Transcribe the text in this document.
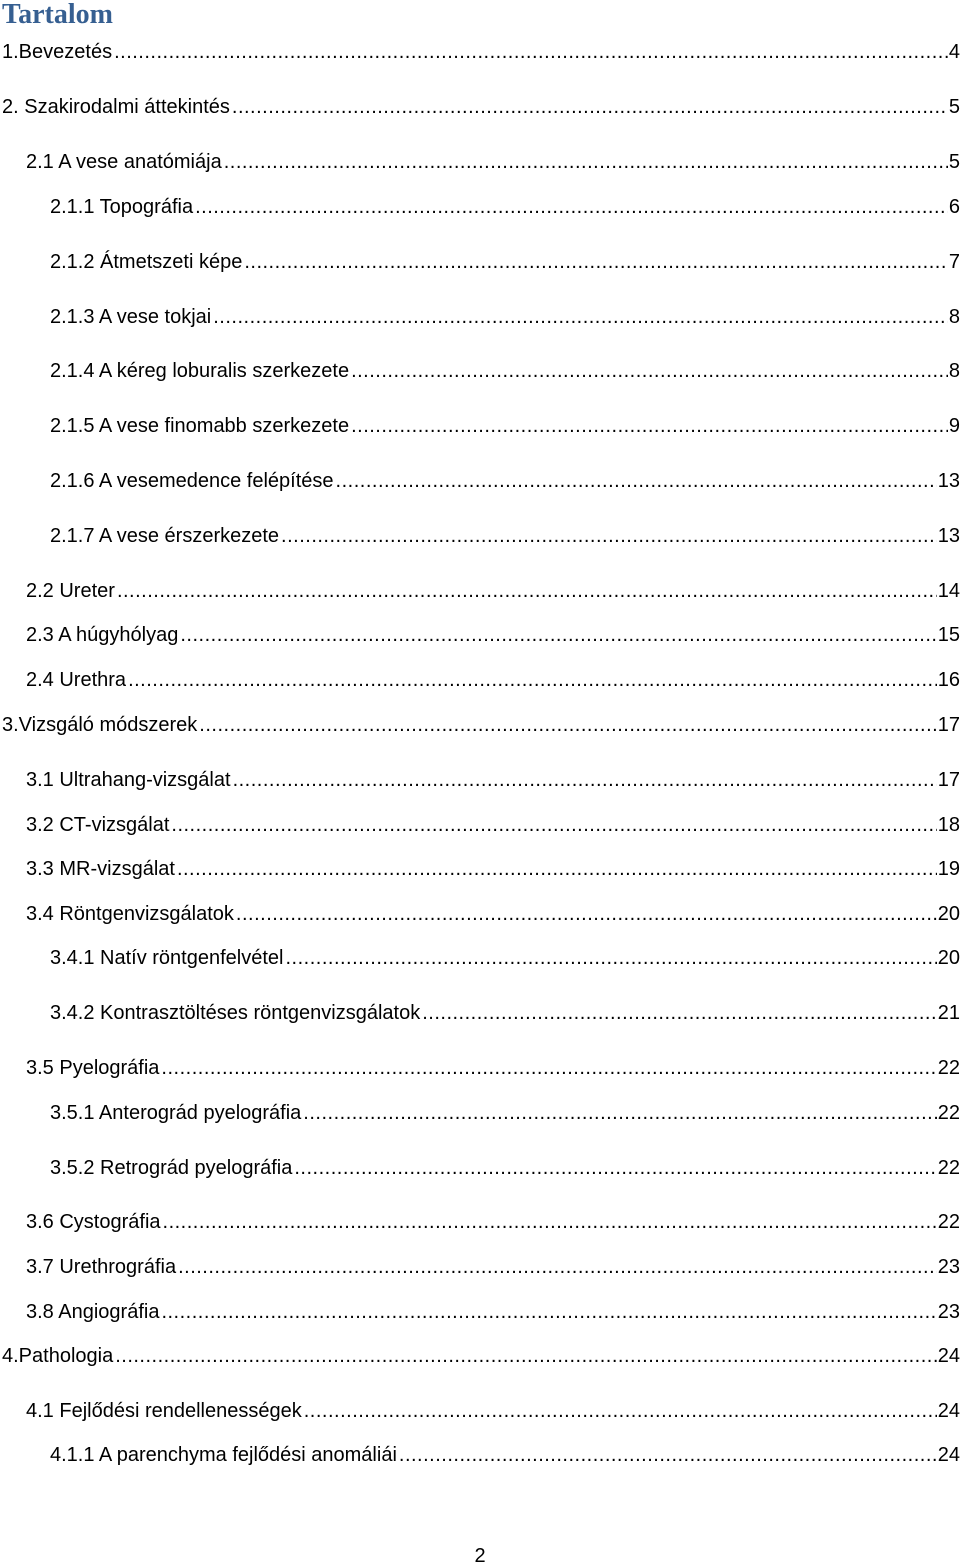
Tartalom
1.Bevezetés .....	4
2. Szakirodalmi áttekintés .....	5
2.1 A vese anatómiája .....	5
2.1.1 Topográfia .....	6
2.1.2 Átmetszeti képe .....	7
2.1.3 A vese tokjai .....	8
2.1.4 A kéreg loburalis szerkezete .....	8
2.1.5 A vese finomabb szerkezete .....	9
2.1.6 A vesemedence felépítése .....	13
2.1.7 A vese érszerkezete .....	13
2.2 Ureter .....	14
2.3 A húgyhólyag .....	15
2.4 Urethra .....	16
3.Vizsgáló módszerek .....	17
3.1 Ultrahang-vizsgálat .....	17
3.2 CT-vizsgálat .....	18
3.3 MR-vizsgálat .....	19
3.4 Röntgenvizsgálatok .....	20
3.4.1 Natív röntgenfelvétel .....	20
3.4.2 Kontrasztöltéses röntgenvizsgálatok .....	21
3.5 Pyelográfia .....	22
3.5.1 Anterográd pyelográfia .....	22
3.5.2 Retrográd pyelográfia .....	22
3.6 Cystográfia .....	22
3.7 Urethrográfia .....	23
3.8 Angiográfia .....	23
4.Pathologia .....	24
4.1 Fejlődési rendellenességek .....	24
4.1.1 A parenchyma fejlődési anomáliái .....	24
2
